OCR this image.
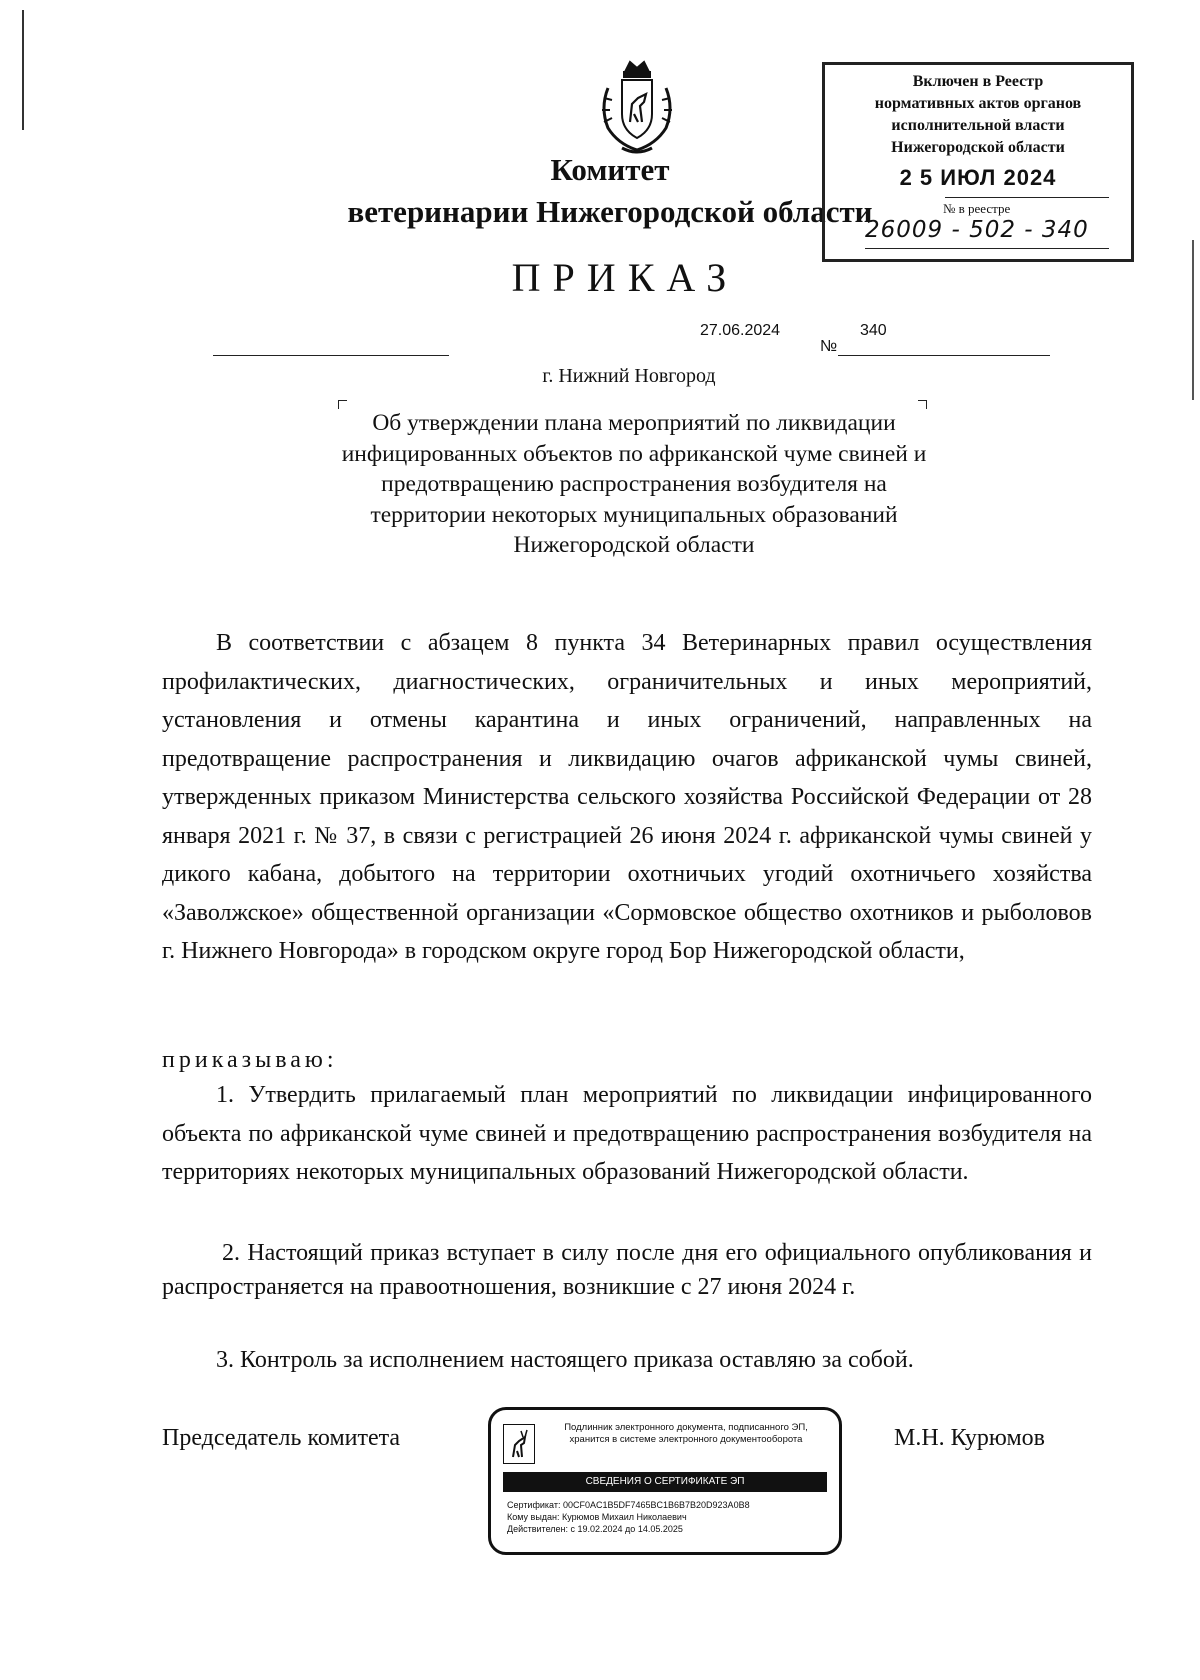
Комитет
ветеринарии Нижегородской области
ПРИКАЗ
Включен в Реестр
нормативных актов органов
исполнительной власти
Нижегородской области
2 5 ИЮЛ 2024
№ в реестре
26009 - 502 - 340
27.06.2024
№
340
г. Нижний Новгород
Об утверждении плана мероприятий по ликвидации инфицированных объектов по африканской чуме свиней и предотвращению распространения возбудителя на территории некоторых муниципальных образований Нижегородской области
В соответствии с абзацем 8 пункта 34 Ветеринарных правил осуществления профилактических, диагностических, ограничительных и иных мероприятий, установления и отмены карантина и иных ограничений, направленных на предотвращение распространения и ликвидацию очагов африканской чумы свиней, утвержденных приказом Министерства сельского хозяйства Российской Федерации от 28 января 2021 г. № 37, в связи с регистрацией 26 июня 2024 г. африканской чумы свиней у дикого кабана, добытого на территории охотничьих угодий охотничьего хозяйства «Заволжское» общественной организации «Сормовское общество охотников и рыболовов г. Нижнего Новгорода» в городском округе город Бор Нижегородской области,
приказываю:
1. Утвердить прилагаемый план мероприятий по ликвидации инфицированного объекта по африканской чуме свиней и предотвращению распространения возбудителя на территориях некоторых муниципальных образований Нижегородской области.
2. Настоящий приказ вступает в силу после дня его официального опубликования и распространяется на правоотношения, возникшие с 27 июня 2024 г.
3. Контроль за исполнением настоящего приказа оставляю за собой.
Председатель комитета	М.Н. Курюмов
Подлинник электронного документа, подписанного ЭП,
хранится в системе электронного документооборота
СВЕДЕНИЯ О СЕРТИФИКАТЕ ЭП
Сертификат: 00CF0AC1B5DF7465BC1B6B7B20D923A0B8
Кому выдан: Курюмов Михаил Николаевич
Действителен: с 19.02.2024 до 14.05.2025
